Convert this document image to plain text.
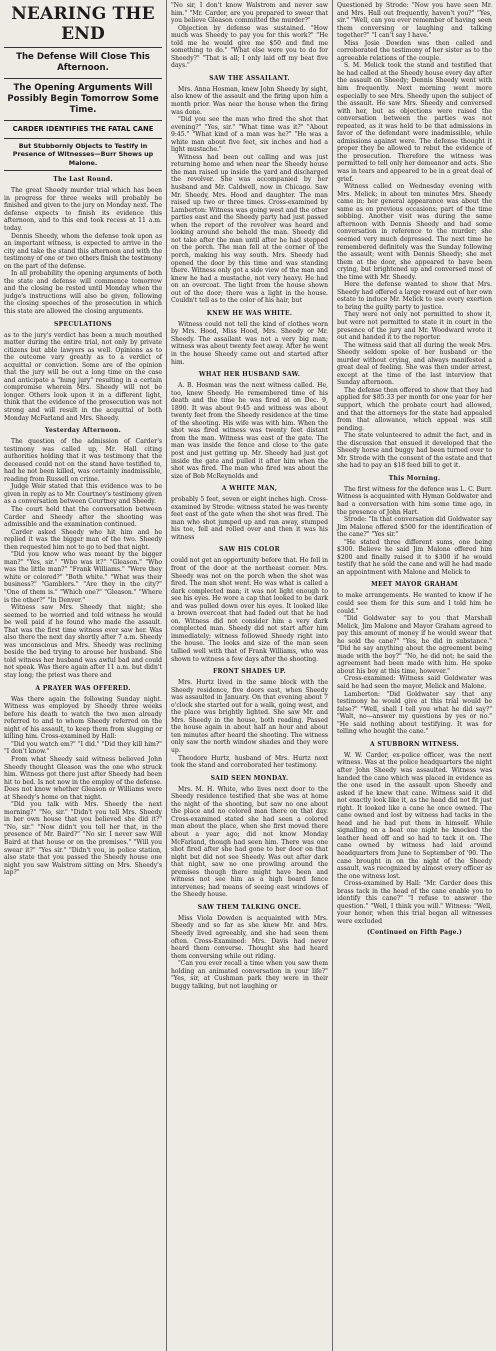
NEARING THE END
The Defense Will Close This Afternoon.
The Opening Arguments Will Possibly Begin Tomorrow Some Time.
CARDER IDENTIFIES THE FATAL CANE
But Stubbornly Objects to Testify in Presence of Witnesses—Burr Shows up Malone.
The Last Round.

The great Sheedy murder trial which has been in progress for three weeks will probably be finished and given to the jury on Monday next. The defense expects to finish its evidence this afternoon, and to this end took recess at 11 a.m. today.

Dennis Sheedy, whom the defense took upon as an important witness, is expected to arrive in the city and take the stand this afternoon and with the testimony of one or two others finish the testimony on the part of the defense.

In all probability the opening arguments of both the state and defense will commence tomorrow and the closing be rested until Monday when the judge's instructions will also be given, following the closing speeches of the prosecution in which this state are allowed the closing arguments.

SPECULATIONS

as to the jury's verdict has been a much mouthed matter during the entire trial, not only by private citizens but able lawyers as well. Opinions as to the outcome vary greatly as to a verdict of acquittal or conviction. Some are of the opinion that the jury will be out a long time on the case and anticipate a "hung jury" resulting in a certain compromise wherein Mrs. Sheedy will not be longer. Others look upon it in a different light, think that the evidence of the prosecution was not strong and will result in the acquittal of both Monday McFarland and Mrs. Sheedy.

Yesterday Afternoon.

The question of the admission of Carder's testimony was called up, Mr. Hall citing authorities holding that it was testimony that the deceased could not on the stand have testified to, had he not been killed, was certainly inadmissible, reading from Russell on crime.

Judge Weir stated that this evidence was to be given in reply as to Mr. Courtney's testimony given as a conversation between Courtney and Sheedy.

The court held that the conversation between Carder and Sheedy after the shooting was admissible and the examination continued.

Carder asked Sheedy who hit him and he replied it was the bigger man of the two. Sheedy then requested him not to go to bed that night.

"Did you know who was meant by the bigger man?" "Yes, sir." "Who was it?" "Gleason." "Who was the little man?" "Frank Williams." "Were they white or colored?" "Both white." "What was their business?" "Gamblers." "Are they in the city?" "One of them is." "Which one?" "Gleason." "Where is the other?" "In Denver."

Witness saw Mrs. Sheedy that night; she seemed to be worried and told witness he would be well paid if he found who made the assault. That was the first time witness ever saw her. Was also there the next day shortly after 7 a.m. Sheedy was unconscious and Mrs. Sheedy was reclining beside the bed trying to arouse her husband. She told witness her husband was awful bad and could not speak. Was there again after 11 a.m. but didn't stay long; the priest was there and

A PRAYER WAS OFFERED.

Was there again the following Sunday night. Witness was employed by Sheedy three weeks before his death to watch the two men already referred to and to whom Sheedy referred on the night of his assault, to keep them from slugging or killing him. Cross-examined by Hall:

"Did you watch em?" "I did." "Did they kill him?" "I don't know."

From what Sheedy said witness believed John Sheedy thought Gleason was the one who struck him. Witness got there just after Sheedy had been hit to bed. Is not now in the employ of the defense. Does not know whether Gleason or Williams were at Sheedy's home on that night.

"Did you talk with Mrs. Sheedy the next morning?" "No, sir." "Didn't you tell Mrs. Sheedy in her own house that you believed she did it?" "No, sir." "Now didn't you tell her that, in the presence of Mr. Baird?" "No sir. I never saw Will Baird at that house or on the premises." "Will you swear it?" "Yes sir." "Didn't you, in police station, also state that you passed the Sheedy house one night you saw Walstrom sitting on Mrs. Sheedy's lap?"

"No sir, I don't know Walstrom and never saw him." "Mr. Carder, are you prepared to swear that you believe Gleason committed the murder?"

Objection by defense was sustained. "How much was Sheedy to pay you for this work?" "He told me he would give me $50 and find me something to do." "What else were you to do for Sheedy?" "That is all; I only laid off my beat five days."

SAW THE ASSAILANT.

Mrs. Anna Hosman, knew John Sheedy by sight, also knew of the assault and the firing upon him a month prior. Was near the house when the firing was done.

"Did you see the man who fired the shot that evening?" "Yes, sir." "What time was it?" "About 9:45." "What kind of a man was he?" "He was a white man about five feet, six inches and had a light mustache."

Witness had been out calling and was just returning home and when near the Sheedy house the man raised up inside the yard and discharged the revolver. She was accompanied by her husband and Mr. Caldwell, now in Chicago. Saw Mr. Sheedy, Mrs. Hood and daughter. The man raised up two or three times. Cross-examined by Lamberton: Witness was going west and the other parties east and the Sheedy party had just passed when the report of the revolver was heard and looking around she beheld the man. Sheedy did not take after the man until after he had stepped on the porch. The man fell at the corner of the porch, making his way south. Mrs. Sheedy had opened the door by this time and was standing there. Witness only got a side view of the man and knew he had a mustache, not very heavy. He had on an overcoat. The light from the house shown out of the door; there was a light in the house. Couldn't tell as to the color of his hair, but

KNEW HE WAS WHITE.

Witness could not tell the kind of clothes worn by Mrs. Hood, Miss Hood, Mrs. Sheedy or Mr. Sheedy. The assailant was not a very big man; witness was about twenty feet away. After he went in the house Sheedy came out and started after him.

WHAT HER HUSBAND SAW.

A. B. Hosman was the next witness called. He, too, knew Sheedy. He remembered time of his death and the time he was fired at on Dec. 9, 1890. It was about 9:45 and witness was about twenty feet from the Sheedy residence at the time of the shooting. His wife was with him. When the shot was fired witness was twenty feet distant from the man. Witness was east of the gate. The man was inside the fence and close to the gate post and just getting up. Mr. Sheedy had just got inside the gate and pulled it after him when the shot was fired. The man who fired was about the size of Bob McReynolds and

A WHITE MAN,

probably 5 feet, seven or eight inches high. Cross-examined by Strode: witness stated he was twenty feet east of the gate when the shot was fired. The man who shot jumped up and ran away, stumped his toe, fell and rolled over and then it was his witness

SAW HIS COLOR

could not get an opportunity before that. He fell in front of the door at the northeast corner. Mrs. Sheedy was not on the porch when the shot was fired. The man shot went. He was what is called a dark complected man; it was not light enough to see his eyes. He wore a cap that looked to be dark and was pulled down over his eyes. It looked like a brown overcoat that had faded out that he had on. Witness did not consider him a very dark complected man. Sheedy did not start after him immediately; witness followed Sheedy right into the house. The looks and size of the man seen tallied well with that of Frank Williams, who was shown to witness a few days after the shooting.

FRONT SHADES UP.

Mrs. Hurtz lived in the same block with the Sheedy residence, five doors east, when Sheedy was assaulted in January. On that evening about 7 o'clock she started out for a walk, going west, and the place was brightly lighted. She saw Mr. and Mrs. Sheedy in the house, both reading. Passed the house again in about half an hour and about ten minutes after heard the shooting. The witness only saw the north window shades and they were up.

Theodore Hurtz, husband of Mrs. Hurtz next took the stand and corroborated her testimony.

SAID SEEN MONDAY.

Mrs. M. H. White, who lives next door to the Sheedy residence testified that she was at home the night of the shooting, but saw no one about the place and no colored man there on that day. Cross-examined stated she had seen a colored man about the place, when she first moved there about a year ago; did not know Monday McFarland, though had seen him. There was one shot fired after she had gone to her door on that night but did not see Sheedy. Was out after dark that night, saw no one prowling around the premises though there might have been and witness not see him as a high board fence intervenes; had means of seeing east windows of the Sheedy house.

SAW THEM TALKING ONCE.

Miss Viola Dowden is acquainted with Mrs. Sheedy and so far as she knew Mr. and Mrs. Sheedy lived agreeably, and she had seen them often. Cross-Examined: Mrs. Davis had never heard them converse. Thought she had heard them conversing while out riding.

"Can you ever recall a time when you saw them holding an animated conversation in your life?" "Yes, sir, at Cushman park they were in their buggy talking, but not laughing or

Questioned by Strode: "Now you have seen Mr. and Mrs. Hall out frequently, haven't you?" "Yes, sir." "Well, can you ever remember of having seen them conversing or laughing and talking together?" "I can't say I have."

Miss Josie Dowden was then called and corroborated the testimony of her sister as to the agreeable relations of the couple.

S. M. Melick took the stand and testified that he had called at the Sheedy house every day after the assault on Sheedy; Dennis Sheedy went with him frequently. Next morning went more especially to see Mrs. Sheedy upon the subject of the assault. He saw Mrs. Sheedy and conversed with her, but as objections were raised the conversation between the parties was not repeated, as it was held to be that admissions in favor of the defendant were inadmissible, while admissions against were. The defense thought it proper they be allowed to rebut the evidence of the prosecution. Therefore the witness was permitted to tell only her demeanor and acts. She was in tears and appeared to be in a great deal of grief.

Witness called on Wednesday evening with Mrs. Melick; in about ten minutes Mrs. Sheedy came in; her general appearance was about the same as on previous occasions; part of the time sobbing. Another visit was during the same afternoon with Dennis Sheedy and had some conversation in reference to the murder; she seemed very much depressed. The next time he remembered definitely was the Sunday following the assault; went with Dennis Sheedy; she met them at the door, she appeared to have been crying, but brightened up and conversed most of the time with Mr. Sheedy.

Here the defense wanted to show that Mrs. Sheedy had offered a large reward out of her own estate to induce Mr. Melick to use every exertion to bring the guilty party to justice.

They were not only not permitted to show it, but were not permitted to state it in court in the presence of the jury and Mr. Woodward wrote it out and handed it to the reporter.

The witness said that all during the week Mrs. Sheedy seldom spoke of her husband or the murder without crying, and always manifested a great deal of feeling. She was then under arrest, except at the time of the last interview that Sunday afternoon.

The defense then offered to show that they had applied for $85.33 per month for one year for her support, which the probate court had allowed, and that the attorneys for the state had appealed from that allowance, which appeal was still pending.

The state volunteered to admit the fact, and in the discussion that ensued it developed that the Sheedy horse and buggy had been turned over to Mr. Strode with the consent of the estate and that she had to pay an $18 feed bill to get it.

This Morning.

The first witness for the defence was L. C. Burr. Witness is acquainted with Hyman Goldwater and had a conversation with him some time ago, in the presence of John Hart.

Strode: "In that conversation did Goldwater say Jim Malone offered $500 for the identification of the cane?" "Yes sir."

"He stated three different sums, one being $300. Believe he said Jim Malone offered him $200 and finally raised it to $300 if he would testify that he sold the cane and will he had made an appointment with Malone and Melick to

MEET MAYOR GRAHAM

to make arrangements. He wanted to know if he could see them for this sum and I told him he could."

"Did Goldwater say to you that Marshall Melick, Jim Malone and Mayor Graham agreed to pay this amount of money if he would swear that he sold the cane?" "Yes, he did in substance." "Did he say anything about the agreement being made with the boy?" "No, he did not; he said the agreement had been made with him. He spoke about his boy at this time, however."

Cross-examined: Witness said Goldwater was said he had seen the mayor, Melick and Malone.

Lamberton: "Did Goldwater say that any testimony he would give at this trial would be false?" "Well, shall I tell you what he did say?" "Walt, no—answer my questions by yes or no." "He said nothing about testifying. It was for telling who bought the cane."

A STUBBORN WITNESS.

W. W. Carder, ex-police officer, was the next witness. Was at the police headquarters the night after John Sheedy was assaulted. Witness was handed the cane which was placed in evidence as the one used in the assault upon Sheedy and asked if he knew that cane. Witness said it did not exactly look like it, as the head did not fit just right. It looked like a cane he once owned. The cane owned and lost by witness had tacks in the head and he had put them in himself. While signalling on a beat one night he knocked the leather head off and so had to tack it on. The cane owned by witness had laid around headquarters from June to September of '90. The cane brought in on the night of the Sheedy assault, was recognized by almost every officer as the one witness lost.

Cross-examined by Hall: "Mr. Carder does this brass tack in the head of the cane enable you to identify this cane?" "I refuse to answer the question." "Well, I think you will." Witness: "Well, your honor, when this trial began all witnesses were excluded

(Continued on Fifth Page.)
